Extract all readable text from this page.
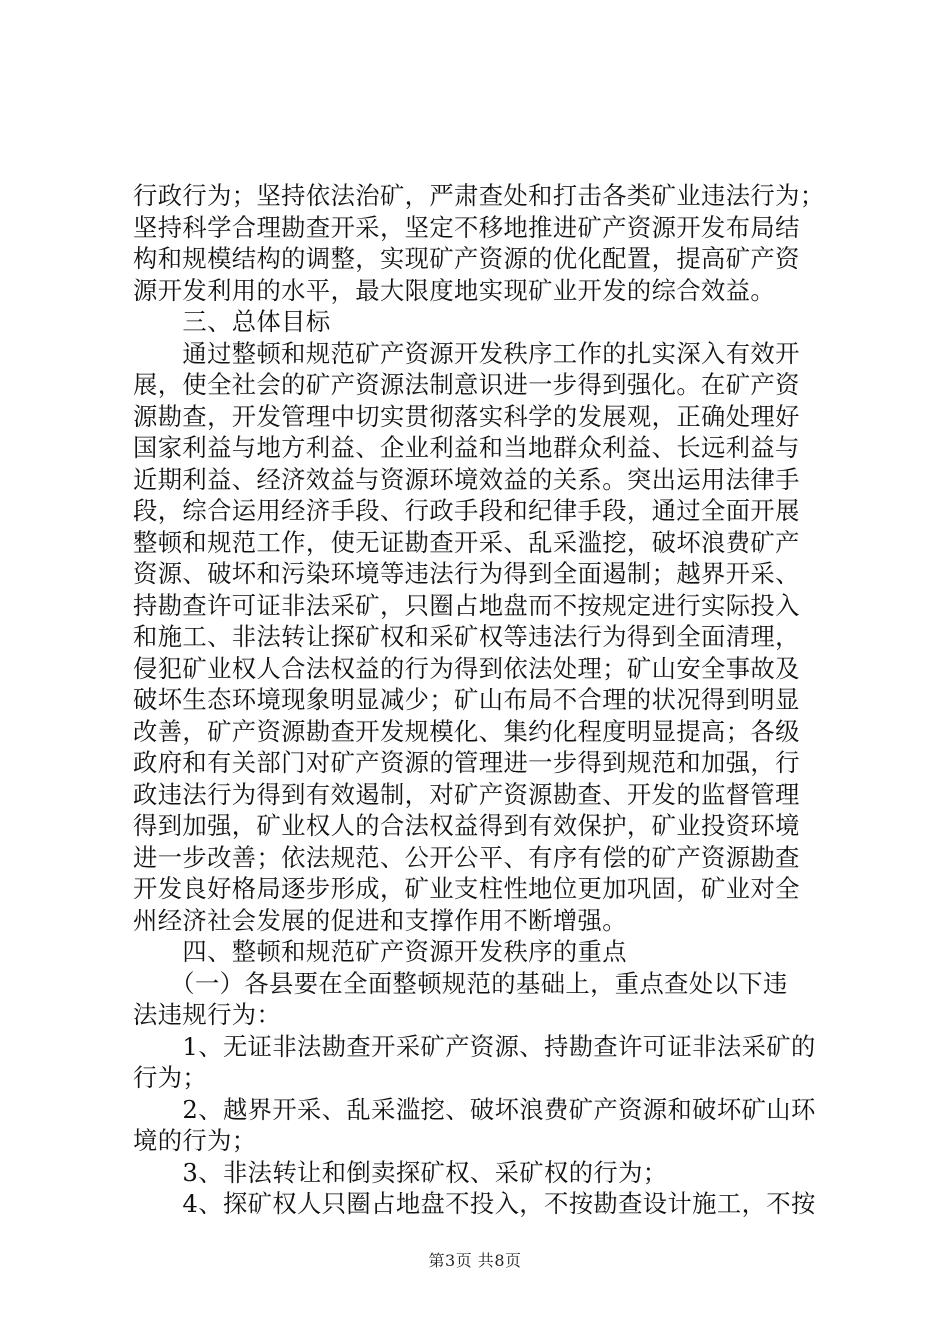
行政行为；坚持依法治矿，严肃查处和打击各类矿业违法行为；
坚持科学合理勘查开采，坚定不移地推进矿产资源开发布局结
构和规模结构的调整，实现矿产资源的优化配置，提高矿产资
源开发利用的水平，最大限度地实现矿业开发的综合效益。
　　三、总体目标
　　通过整顿和规范矿产资源开发秩序工作的扎实深入有效开
展，使全社会的矿产资源法制意识进一步得到强化。在矿产资
源勘查，开发管理中切实贯彻落实科学的发展观，正确处理好
国家利益与地方利益、企业利益和当地群众利益、长远利益与
近期利益、经济效益与资源环境效益的关系。突出运用法律手
段，综合运用经济手段、行政手段和纪律手段，通过全面开展
整顿和规范工作，使无证勘查开采、乱采滥挖，破坏浪费矿产
资源、破坏和污染环境等违法行为得到全面遏制；越界开采、
持勘查许可证非法采矿，只圈占地盘而不按规定进行实际投入
和施工、非法转让探矿权和采矿权等违法行为得到全面清理，
侵犯矿业权人合法权益的行为得到依法处理；矿山安全事故及
破坏生态环境现象明显减少；矿山布局不合理的状况得到明显
改善，矿产资源勘查开发规模化、集约化程度明显提高；各级
政府和有关部门对矿产资源的管理进一步得到规范和加强，行
政违法行为得到有效遏制，对矿产资源勘查、开发的监督管理
得到加强，矿业权人的合法权益得到有效保护，矿业投资环境
进一步改善；依法规范、公开公平、有序有偿的矿产资源勘查
开发良好格局逐步形成，矿业支柱性地位更加巩固，矿业对全
州经济社会发展的促进和支撑作用不断增强。
　　四、整顿和规范矿产资源开发秩序的重点
　　（一）各县要在全面整顿规范的基础上，重点查处以下违
法违规行为：
　　1、无证非法勘查开采矿产资源、持勘查许可证非法采矿的
行为；
　　2、越界开采、乱采滥挖、破坏浪费矿产资源和破坏矿山环
境的行为；
　　3、非法转让和倒卖探矿权、采矿权的行为；
　　4、探矿权人只圈占地盘不投入，不按勘查设计施工，不按
第3页 共8页
